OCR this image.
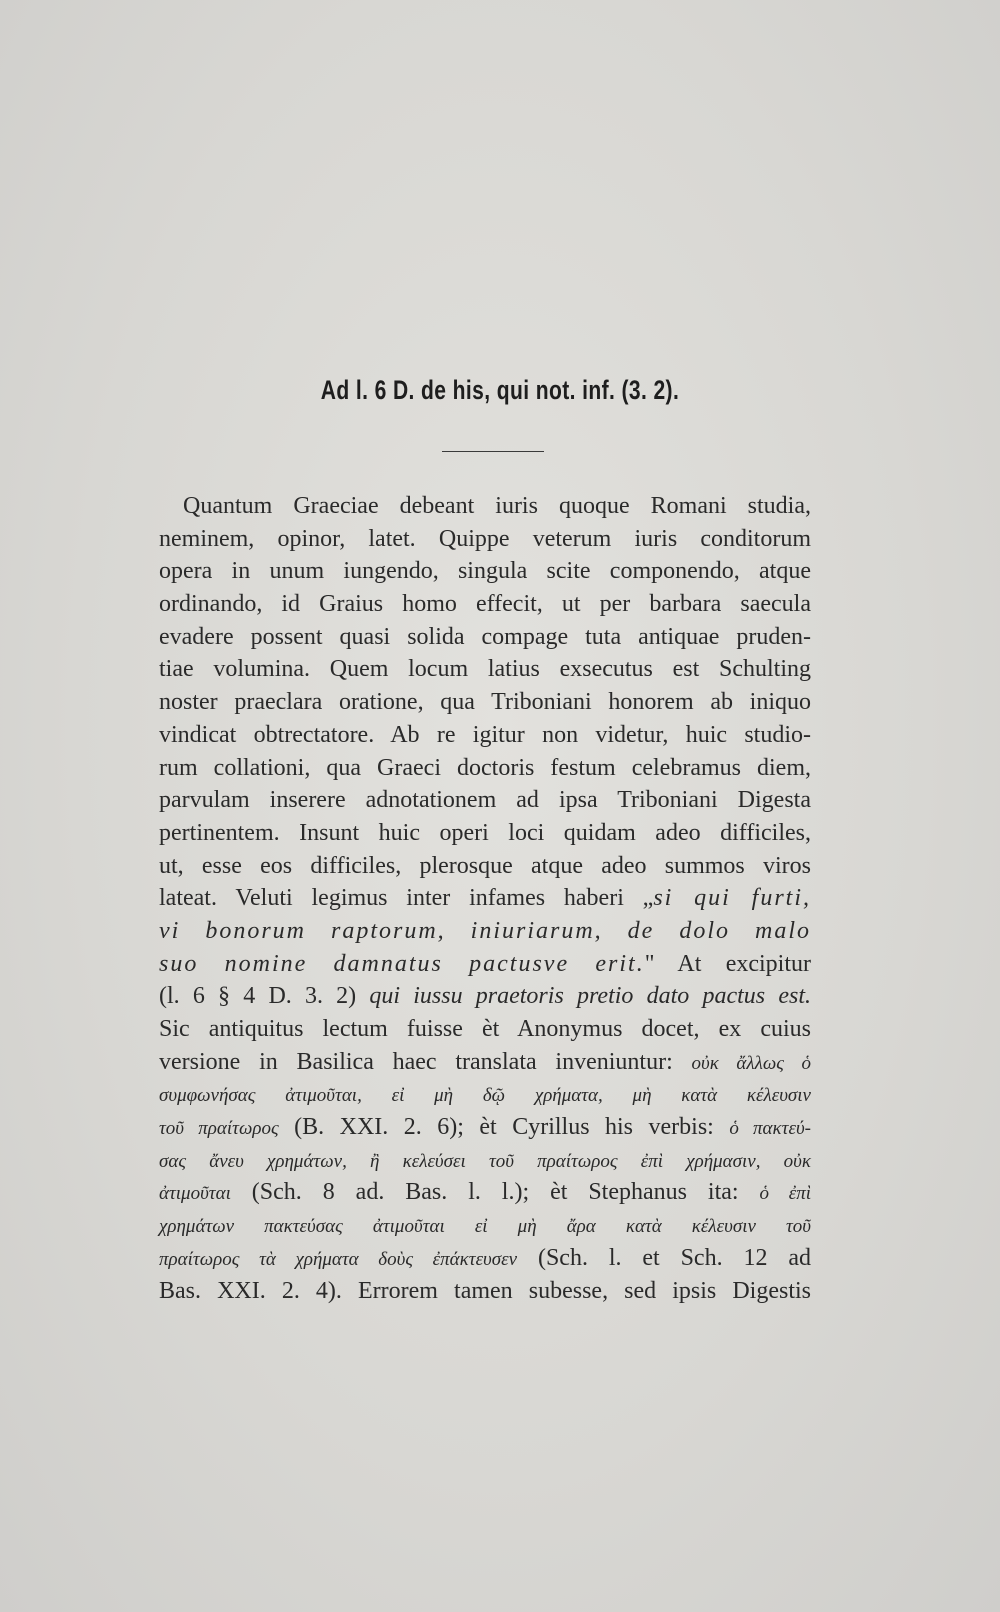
Ad l. 6 D. de his, qui not. inf. (3. 2).
Quantum Graeciae debeant iuris quoque Romani studia,
neminem, opinor, latet. Quippe veterum iuris conditorum
opera in unum iungendo, singula scite componendo, atque
ordinando, id Graius homo effecit, ut per barbara saecula
evadere possent quasi solida compage tuta antiquae pruden-
tiae volumina. Quem locum latius exsecutus est Schulting
noster praeclara oratione, qua Triboniani honorem ab iniquo
vindicat obtrectatore. Ab re igitur non videtur, huic studio-
rum collationi, qua Graeci doctoris festum celebramus diem,
parvulam inserere adnotationem ad ipsa Triboniani Digesta
pertinentem. Insunt huic operi loci quidam adeo difficiles,
ut, esse eos difficiles, plerosque atque adeo summos viros
lateat. Veluti legimus inter infames haberi „si qui furti,
vi bonorum raptorum, iniuriarum, de dolo malo
suo nomine damnatus pactusve erit." At excipitur
(l. 6 § 4 D. 3. 2) qui iussu praetoris pretio dato pactus est.
Sic antiquitus lectum fuisse èt Anonymus docet, ex cuius
versione in Basilica haec translata inveniuntur: οὐκ ἄλλως ὁ
συμφωνήσας ἀτιμοῦται, εἰ μὴ δῷ χρήματα, μὴ κατὰ κέλευσιν
τοῦ πραίτωρος (B. XXI. 2. 6); èt Cyrillus his verbis: ὁ πακτεύ-
σας ἄνευ χρημάτων, ἢ κελεύσει τοῦ πραίτωρος ἐπὶ χρήμασιν, οὐκ
ἀτιμοῦται (Sch. 8 ad. Bas. l. l.); èt Stephanus ita: ὁ ἐπὶ
χρημάτων πακτεύσας ἀτιμοῦται εἰ μὴ ἄρα κατὰ κέλευσιν τοῦ
πραίτωρος τὰ χρήματα δοὺς ἐπάκτευσεν (Sch. l. et Sch. 12 ad
Bas. XXI. 2. 4). Errorem tamen subesse, sed ipsis Digestis
